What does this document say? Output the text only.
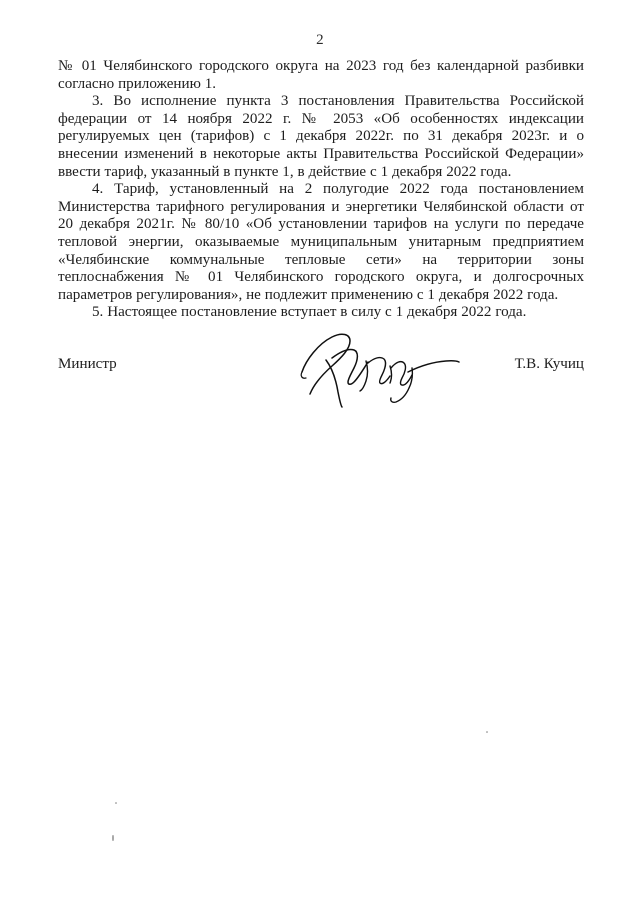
2

№ 01 Челябинского городского округа на 2023 год без календарной разбивки согласно приложению 1.

3. Во исполнение пункта 3 постановления Правительства Российской федерации от 14 ноября 2022 г. № 2053 «Об особенностях индексации регулируемых цен (тарифов) с 1 декабря 2022г. по 31 декабря 2023г. и о внесении изменений в некоторые акты Правительства Российской Федерации» ввести тариф, указанный в пункте 1, в действие с 1 декабря 2022 года.

4. Тариф, установленный на 2 полугодие 2022 года постановлением Министерства тарифного регулирования и энергетики Челябинской области от 20 декабря 2021г. № 80/10 «Об установлении тарифов на услуги по передаче тепловой энергии, оказываемые муниципальным унитарным предприятием «Челябинские коммунальные тепловые сети» на территории зоны теплоснабжения № 01 Челябинского городского округа, и долгосрочных параметров регулирования», не подлежит применению с 1 декабря 2022 года.

5. Настоящее постановление вступает в силу с 1 декабря 2022 года.

Министр	Т.В. Кучиц
